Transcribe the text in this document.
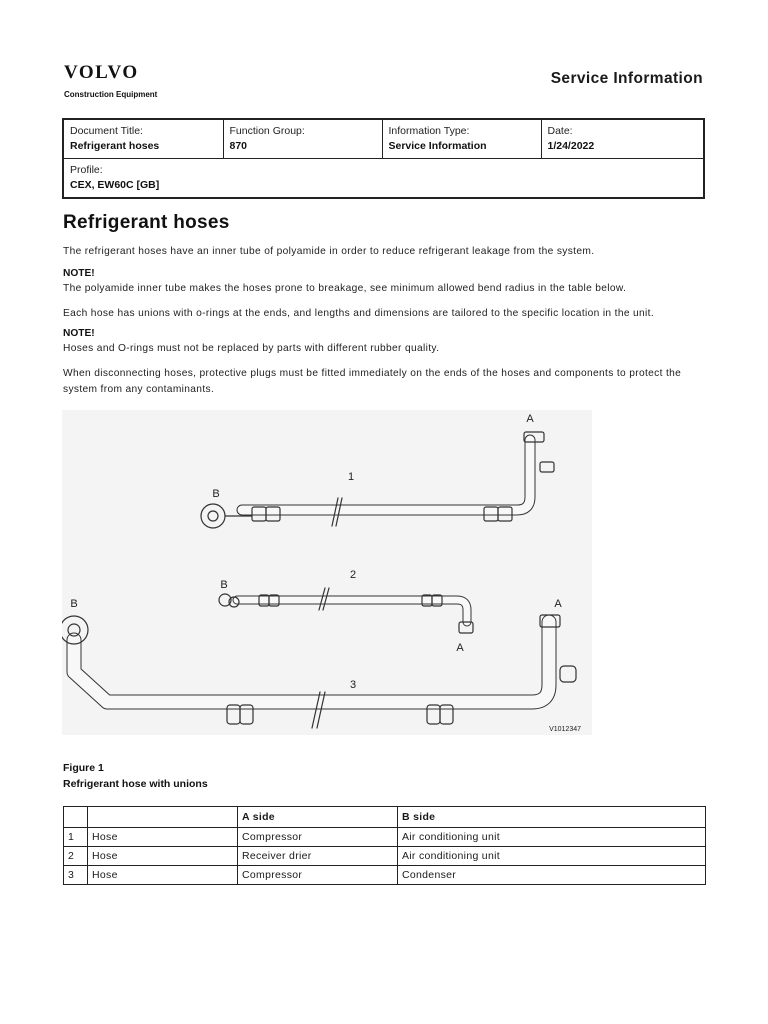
VOLVO
Construction Equipment
Service Information
Document Title:
Refrigerant hoses

Function Group:
870

Information Type:
Service Information

Date:
1/24/2022

Profile:
CEX, EW60C [GB]
Refrigerant hoses
The refrigerant hoses have an inner tube of polyamide in order to reduce refrigerant leakage from the system.
NOTE!
The polyamide inner tube makes the hoses prone to breakage, see minimum allowed bend radius in the table below.
Each hose has unions with o-rings at the ends, and lengths and dimensions are tailored to the specific location in the unit.
NOTE!
Hoses and O-rings must not be replaced by parts with different rubber quality.
When disconnecting hoses, protective plugs must be fitted immediately on the ends of the hoses and components to protect the system from any contaminants.
A
B
1
B
2
A
B	A
3
V1012347
Figure 1
Refrigerant hose with unions
		A side	B side
1	Hose	Compressor	Air conditioning unit
2	Hose	Receiver drier	Air conditioning unit
3	Hose	Compressor	Condenser
